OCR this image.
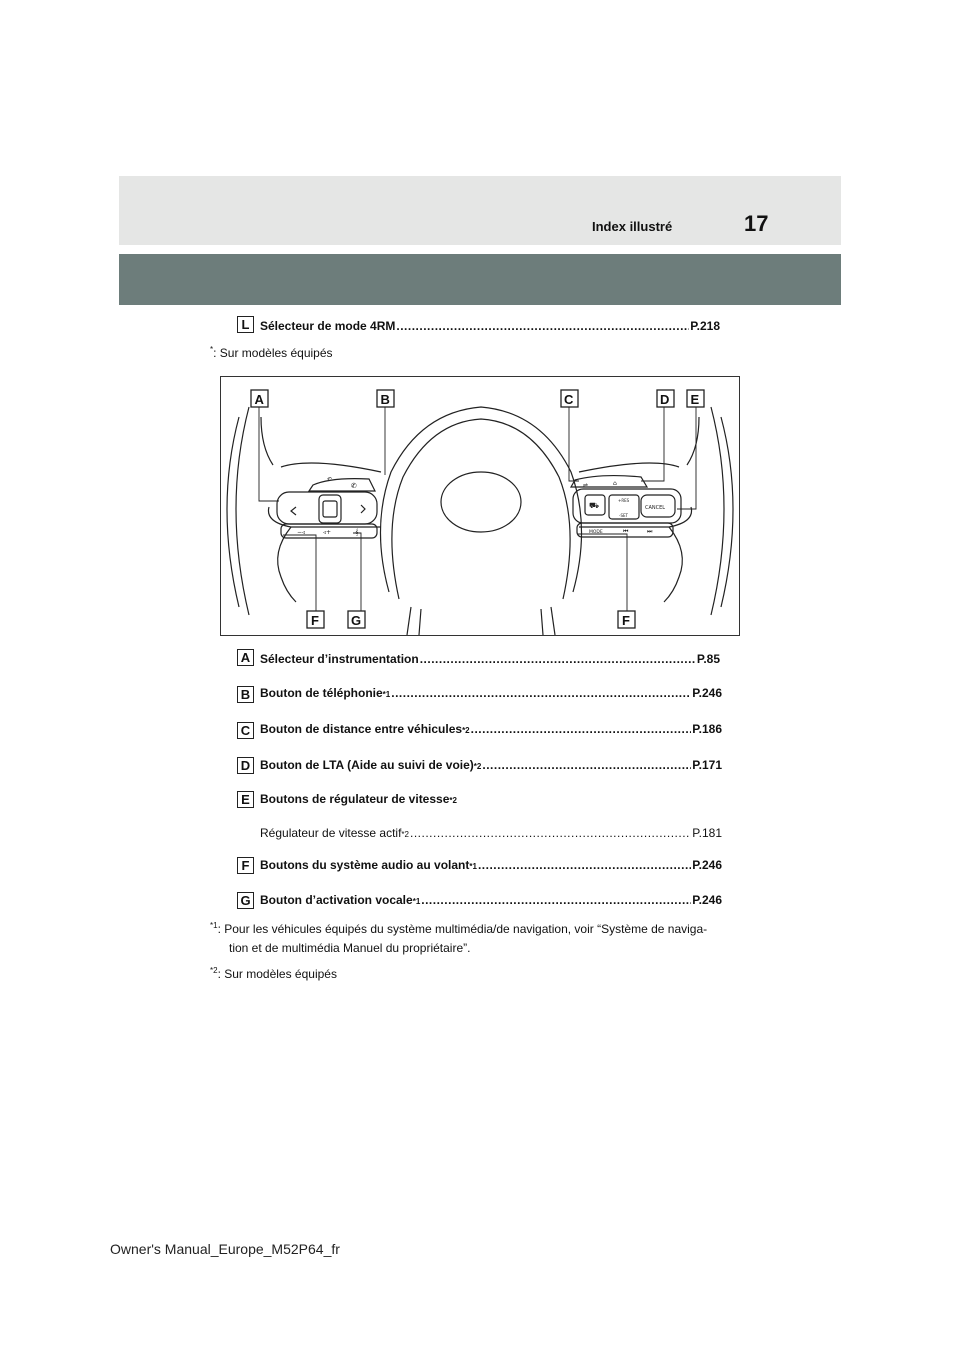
Index illustré	17
L Sélecteur de mode 4RM .....	P.218
*: Sur modèles équipés
↶
✆
−◃	◃+	𝄞
⇌	⌂
⛟
+RES
-SET
CANCEL
MODE	⏮	⏭
A	B	C	D E
F G	F
A Sélecteur d’instrumentation .....	P.85
B Bouton de téléphonie *1 .....	P.246
C Bouton de distance entre véhicules *2 .....	P.186
D Bouton de LTA (Aide au suivi de voie) *2 .....	P.171
E Boutons de régulateur de vitesse *2
Régulateur de vitesse actif *2 .....	P.181
F Boutons du système audio au volant *1 .....	P.246
G Bouton d’activation vocale *1 .....	P.246
$^{*1}$: Pour les véhicules équipés du système multimédia/de navigation, voir “Système de naviga-
tion et de multimédia Manuel du propriétaire”.
$^{*2}$: Sur modèles équipés
Owner's Manual_Europe_M52P64_fr
